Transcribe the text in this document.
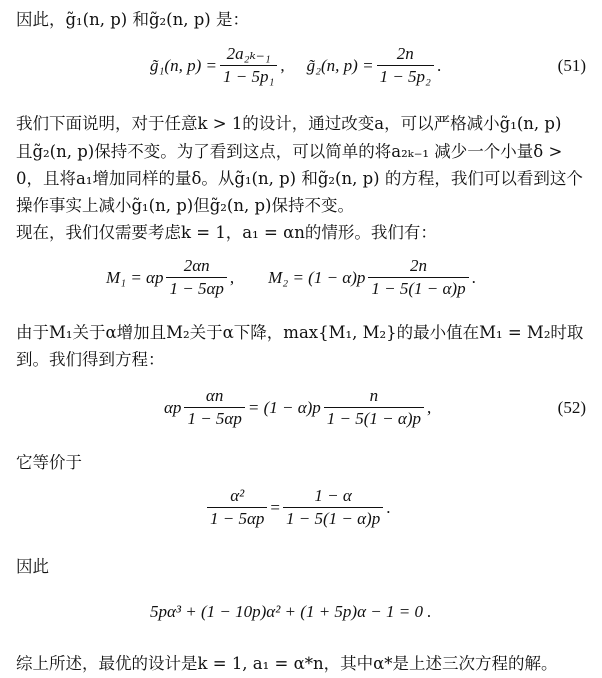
因此，g̃₁(n, p) 和g̃₂(n, p) 是：
g̃₁(n, $p) = \frac{\text{2a₂ₖ₋₁}}{\text{1 − 5p₁}}$ , g̃₂(n, $p) = \frac{2n}{\text{1 − 5p₂}}$ .	(51)
我们下面说明，对于任意k > 1的设计，通过改变a，可以严格减小g̃₁(n, p)
且g̃₂(n, p)保持不变。为了看到这点，可以简单的将a₂ₖ₋₁ 减少一个小量δ >
0，且将a₁增加同样的量δ。从g̃₁(n, p) 和g̃₂(n, p) 的方程，我们可以看到这个
操作事实上减小g̃₁(n, p)但g̃₂(n, p)保持不变。
现在，我们仅需要考虑k = 1，a₁ = αn的情形。我们有：
M₁ = αp $\frac{2\alpha n}{1 - 5\alpha p}$ , $M_2 = (1 - \alpha)p \frac{2n}{1 - 5(1 - \alpha)p}$ .
由于M₁关于α增加且M₂关于α下降，max{M₁, M₂}的最小值在M₁ = M₂时取
到。我们得到方程：
αp $\frac{\alpha n}{1 - 5\alpha p} = (1 - \alpha)p \frac{n}{1 - 5(1 - \alpha)p}$ ,	(52)
它等价于
$\frac{\text{α²}}{1 - 5\alpha p} = \frac{1 - \alpha}{1 - 5(1 - \alpha)p}$ .
因此
5pα³ + (1 − 10p)α² + (1 + 5p)α − 1 = 0 .
综上所述，最优的设计是k = 1, a₁ = α*n，其中α*是上述三次方程的解。
